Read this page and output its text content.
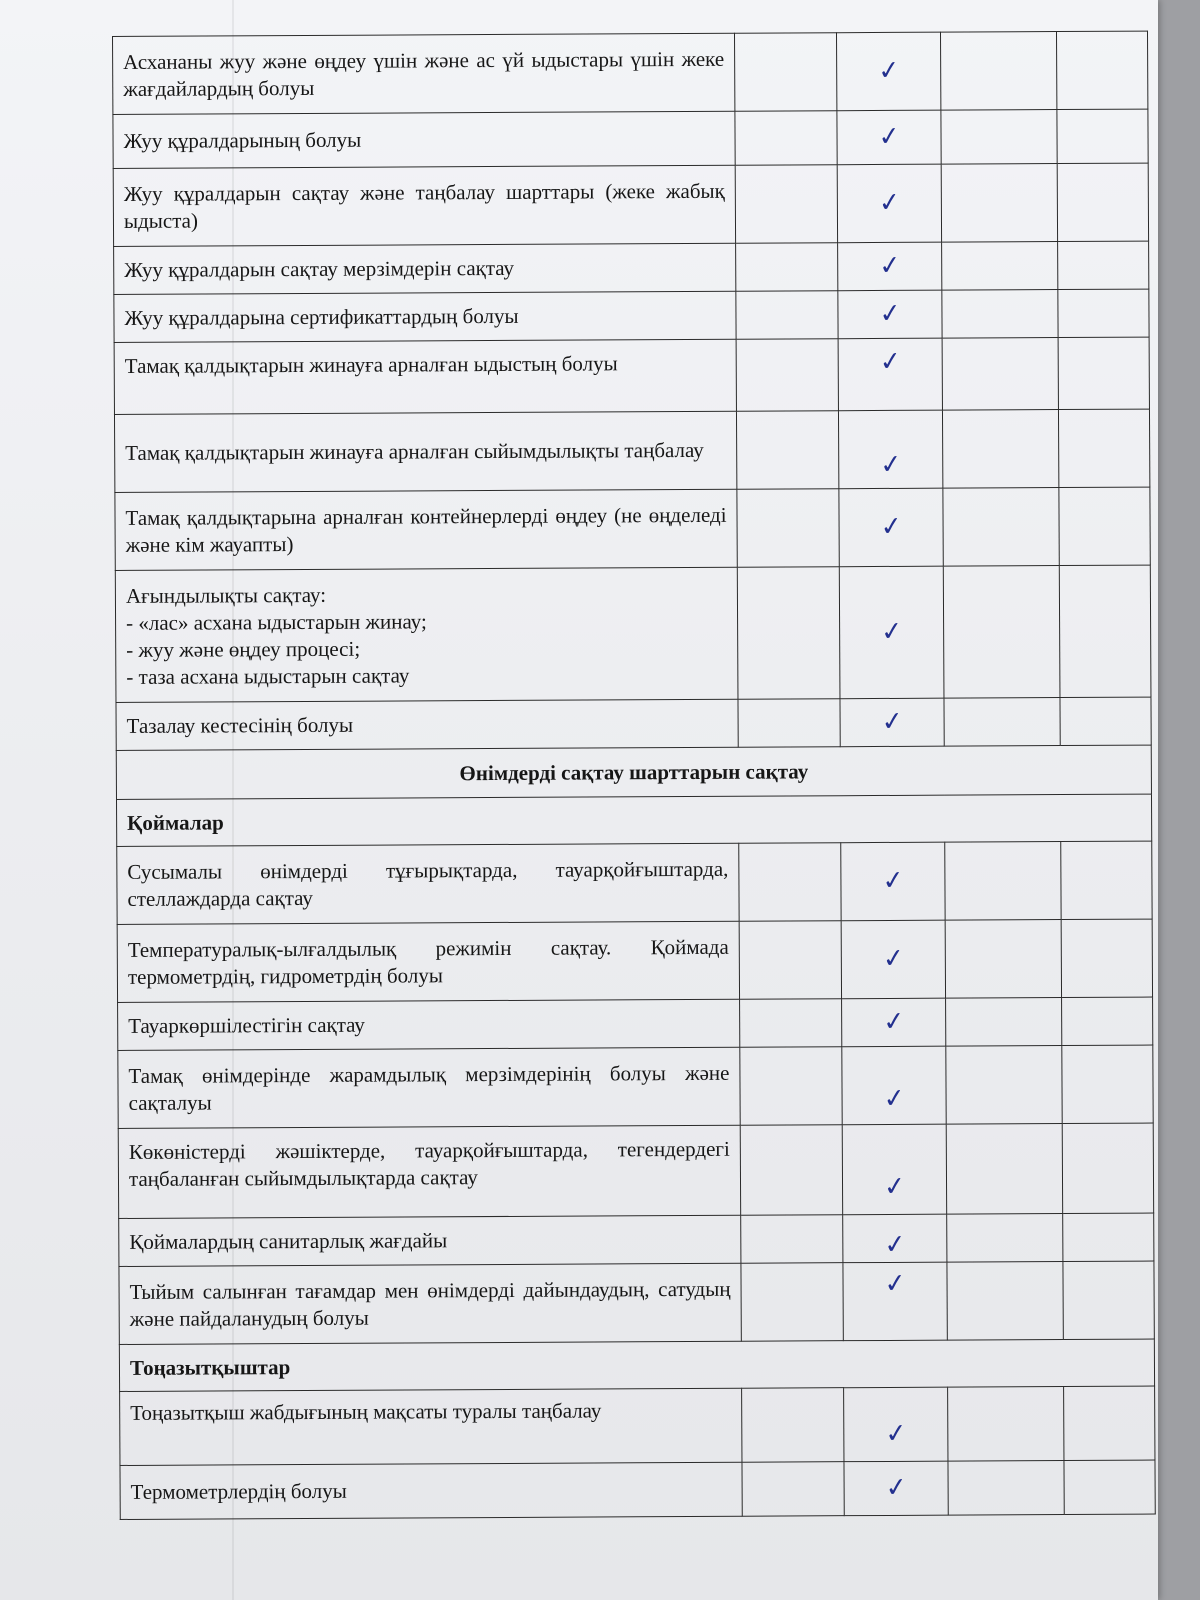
Асхананы жуу және өңдеу үшін және ас үй ыдыстары үшін жеке жағдайлардың болуы		✓		
Жуу құралдарының болуы		✓		
Жуу құралдарын сақтау және таңбалау шарттары (жеке жабық ыдыста)		✓		
Жуу құралдарын сақтау мерзімдерін сақтау		✓		
Жуу құралдарына сертификаттардың болуы		✓		
Тамақ қалдықтарын жинауға арналған ыдыстың болуы		✓		
Тамақ қалдықтарын жинауға арналған сыйымдылықты таңбалау		✓		
Тамақ қалдықтарына арналған контейнерлерді өңдеу (не өңделеді және кім жауапты)		✓		

Ағындылықты сақтау:
- «лас» асхана ыдыстарын жинау;
- жуу және өңдеу процесі;
- таза асхана ыдыстарын сақтау		✓		
Тазалау кестесінің болуы		✓		
Өнімдерді сақтау шарттарын сақтау				
Қоймалар				
Сусымалы өнімдерді тұғырықтарда, тауарқойғыштарда, стеллаждарда сақтау		✓		
Температуралық-ылғалдылық режимін сақтау. Қоймада термометрдің, гидрометрдің болуы		✓		
Тауаркөршілестігін сақтау		✓		
Тамақ өнімдерінде жарамдылық мерзімдерінің болуы және сақталуы		✓		
Көкөністерді жәшіктерде, тауарқойғыштарда, тегендердегі таңбаланған сыйымдылықтарда сақтау		✓		
Қоймалардың санитарлық жағдайы		✓		
Тыйым салынған тағамдар мен өнімдерді дайындаудың, сатудың және пайдаланудың болуы		✓		
Тоңазытқыштар				
Тоңазытқыш жабдығының мақсаты туралы таңбалау		✓		
Термометрлердің болуы		✓		
